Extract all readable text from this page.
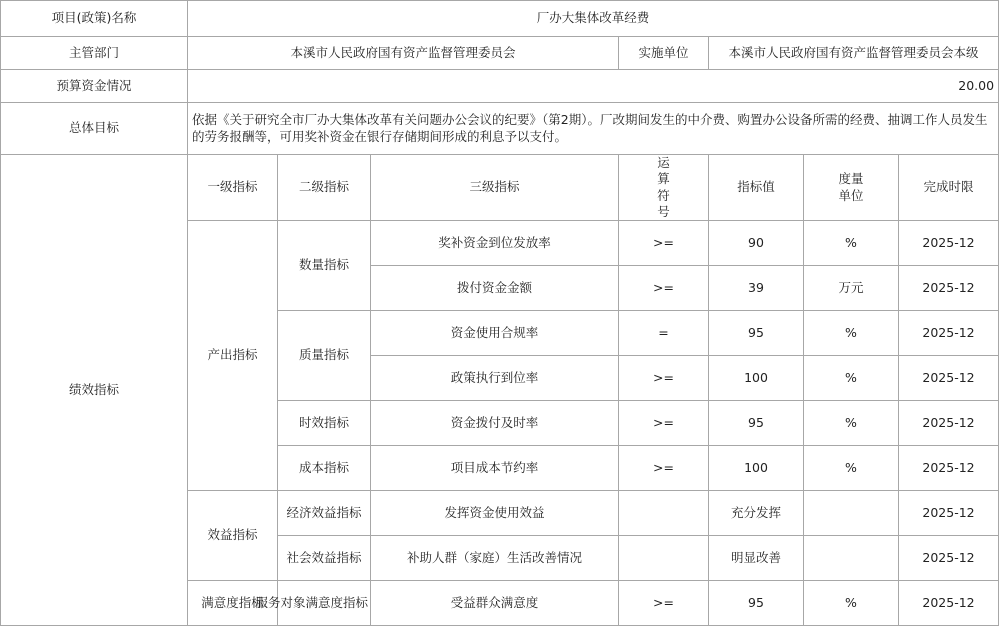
项目(政策)名称	厂办大集体改革经费						
主管部门	本溪市人民政府国有资产监督管理委员会			实施单位	本溪市人民政府国有资产监督管理委员会本级		
预算资金情况	20.00						
总体目标	依据《关于研究全市厂办大集体改革有关问题办公会议的纪要》（第2期）。厂改期间发生的中介费、购置办公设备所需的经费、抽调工作人员发生的劳务报酬等，可用奖补资金在银行存储期间形成的利息予以支付。						
绩效指标	一级指标	二级指标	三级指标	运算符号	指标值	度量单位	完成时限
	产出指标	数量指标	奖补资金到位发放率	>=	90	%	2025-12
			拨付资金金额	>=	39	万元	2025-12
		质量指标	资金使用合规率	=	95	%	2025-12
			政策执行到位率	>=	100	%	2025-12
		时效指标	资金拨付及时率	>=	95	%	2025-12
		成本指标	项目成本节约率	>=	100	%	2025-12
	效益指标	经济效益指标	发挥资金使用效益		充分发挥		2025-12
		社会效益指标	补助人群（家庭）生活改善情况		明显改善		2025-12
	满意度指标	服务对象满意度指标	受益群众满意度	>=	95	%	2025-12
